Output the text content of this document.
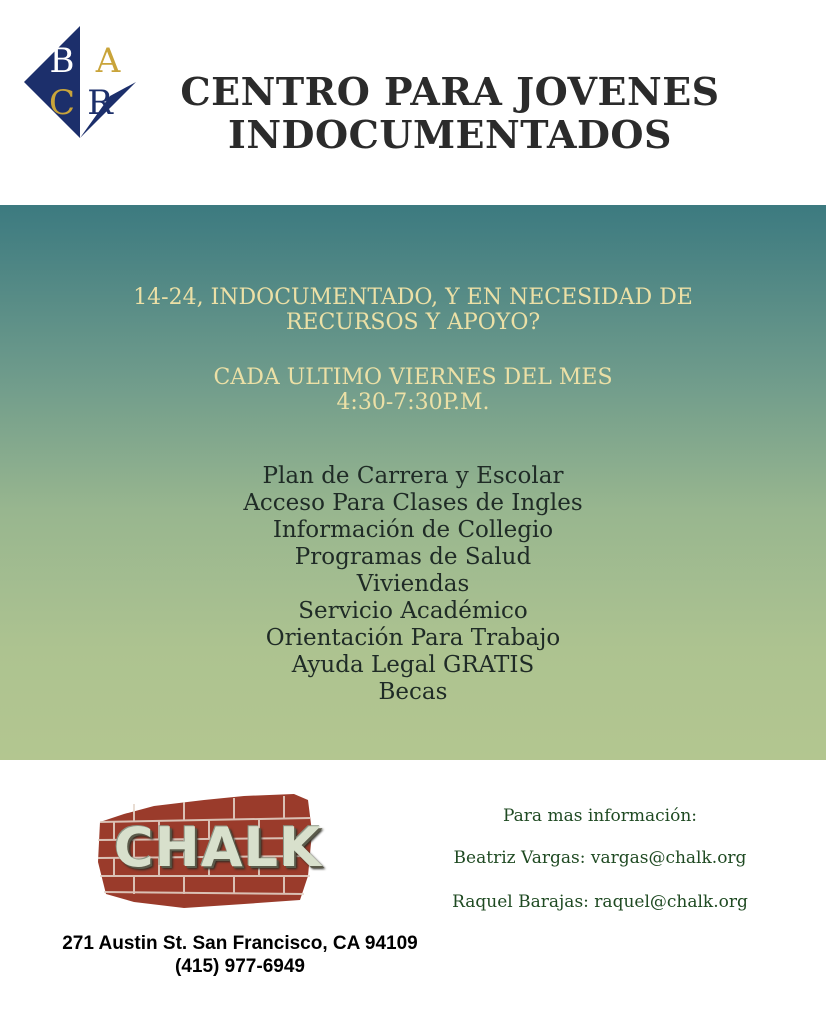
B A
C R	CENTRO PARA JOVENES
INDOCUMENTADOS
14-24, INDOCUMENTADO, Y EN NECESIDAD DE
RECURSOS Y APOYO?
CADA ULTIMO VIERNES DEL MES
4:30-7:30P.M.
Plan de Carrera y Escolar
Acceso Para Clases de Ingles
Información de Collegio
Programas de Salud
Viviendas
Servicio Académico
Orientación Para Trabajo
Ayuda Legal GRATIS
Becas
CHALK	Para mas información:
Beatriz Vargas: vargas@chalk.org
Raquel Barajas: raquel@chalk.org
271 Austin St. San Francisco, CA 94109
(415) 977-6949
